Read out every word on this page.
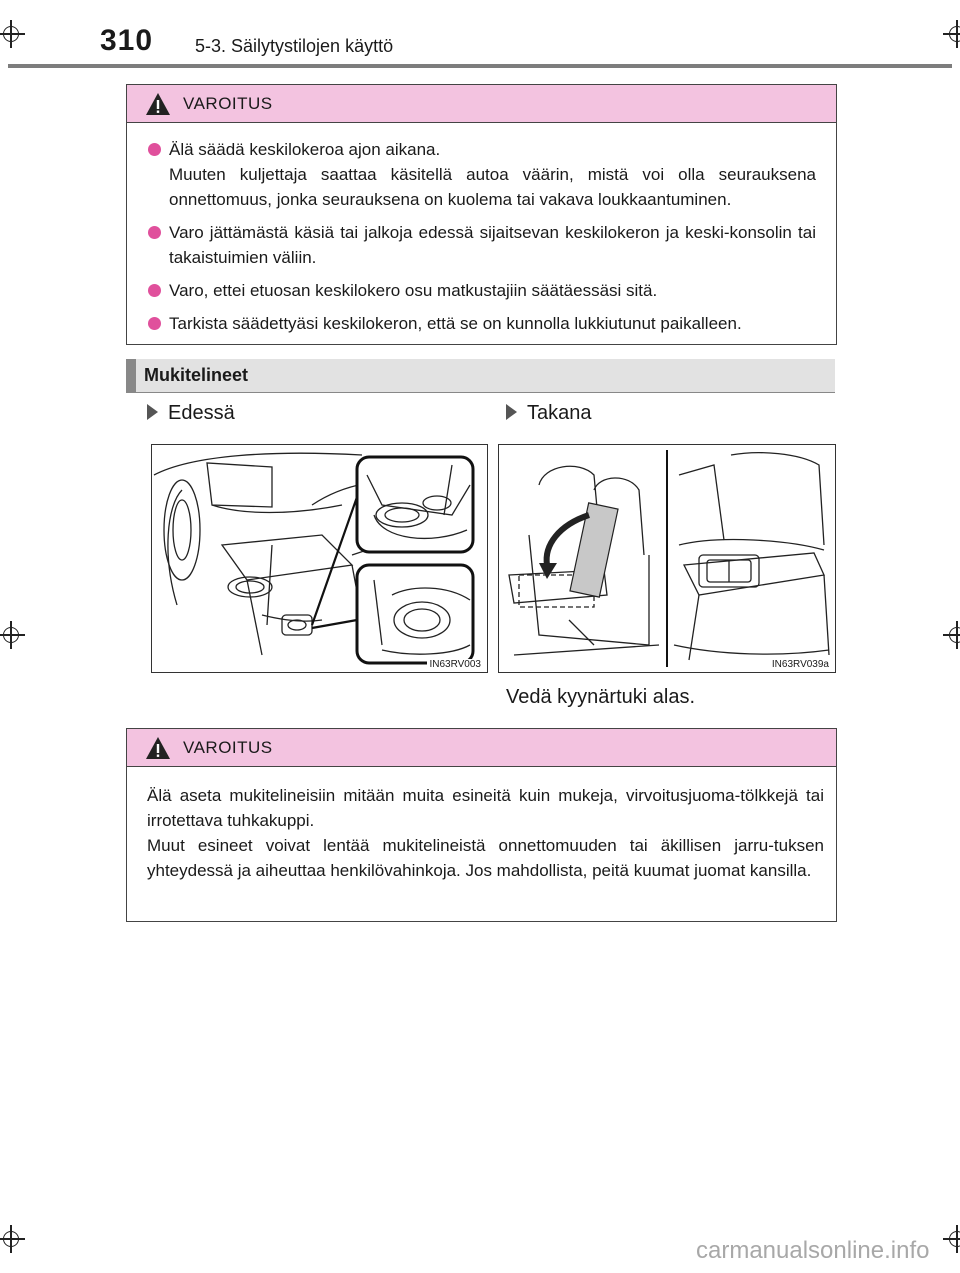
310 5-3. Säilytystilojen käyttö
VAROITUS

Älä säädä keskilokeroa ajon aikana.

Muuten kuljettaja saattaa käsitellä autoa väärin, mistä voi olla seurauksena onnettomuus, jonka seurauksena on kuolema tai vakava loukkaantuminen.

Varo jättämästä käsiä tai jalkoja edessä sijaitsevan keskilokeron ja keski-konsolin tai takaistuimien väliin.

Varo, ettei etuosan keskilokero osu matkustajiin säätäessäsi sitä.

Tarkista säädettyäsi keskilokeron, että se on kunnolla lukkiutunut paikalleen.

Mukitelineet
Edessä	Takana
IN63RV003	IN63RV039a
Vedä kyynärtuki alas.
VAROITUS

Älä aseta mukitelineisiin mitään muita esineitä kuin mukeja, virvoitusjuoma-tölkkejä tai irrotettava tuhkakuppi.

Muut esineet voivat lentää mukitelineistä onnettomuuden tai äkillisen jarru-tuksen yhteydessä ja aiheuttaa henkilövahinkoja. Jos mahdollista, peitä kuumat juomat kansilla.

carmanualsonline.info
